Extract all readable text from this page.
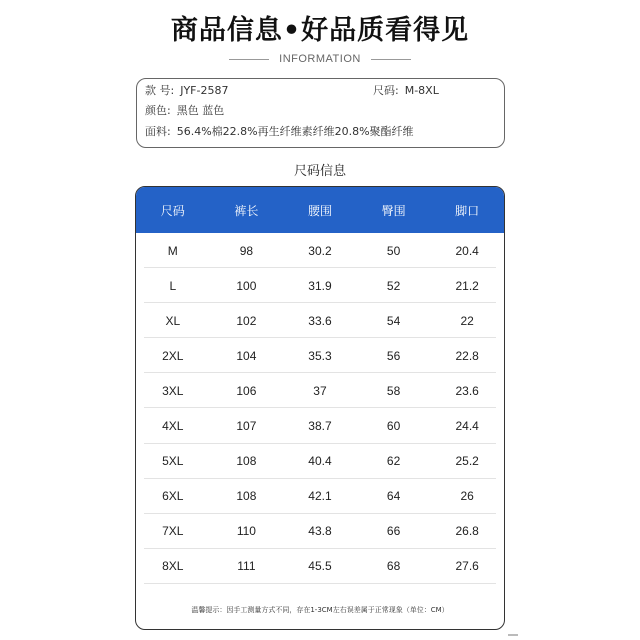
商品信息•好品质看得见
INFORMATION
款 号: JYF-2587	尺码: M-8XL
颜色: 黑色 蓝色
面料: 56.4%棉22.8%再生纤维素纤维20.8%聚酯纤维
尺码信息
尺码	裤长	腰围	臀围	脚口
M	98	30.2	50	20.4
L	100	31.9	52	21.2
XL	102	33.6	54	22
2XL	104	35.3	56	22.8
3XL	106	37	58	23.6
4XL	107	38.7	60	24.4
5XL	108	40.4	62	25.2
6XL	108	42.1	64	26
7XL	110	43.8	66	26.8
8XL	111	45.5	68	27.6
温馨提示：因手工测量方式不同，存在1-3CM左右误差属于正常现象（单位：CM）
